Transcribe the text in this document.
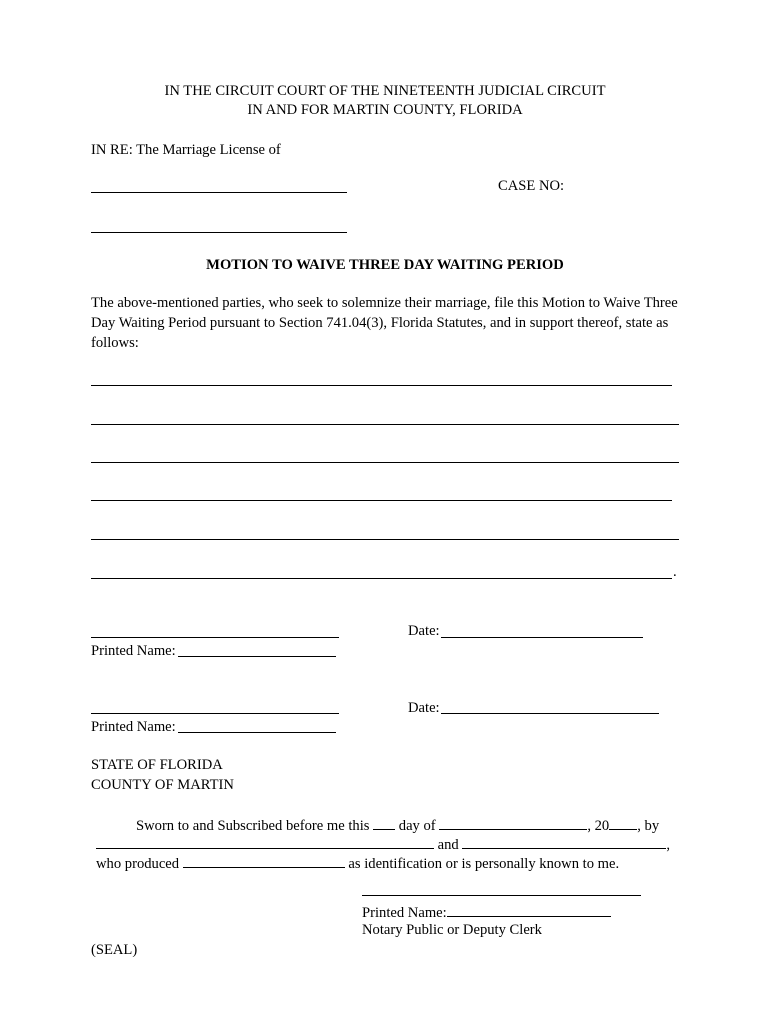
IN THE CIRCUIT COURT OF THE NINETEENTH JUDICIAL CIRCUIT
IN AND FOR MARTIN COUNTY, FLORIDA
IN RE: The Marriage License of
CASE NO:
MOTION TO WAIVE THREE DAY WAITING PERIOD
The above-mentioned parties, who seek to solemnize their marriage, file this Motion to Waive Three Day Waiting Period pursuant to Section 741.04(3), Florida Statutes, and in support thereof, state as follows:
.
Date:
Printed Name:
Date:
Printed Name:
STATE OF FLORIDA
COUNTY OF MARTIN
Sworn to and Subscribed before me this day of	, 20 , by
and	,
who produced	as identification or is personally known to me.
Printed Name:
Notary Public or Deputy Clerk
(SEAL)
